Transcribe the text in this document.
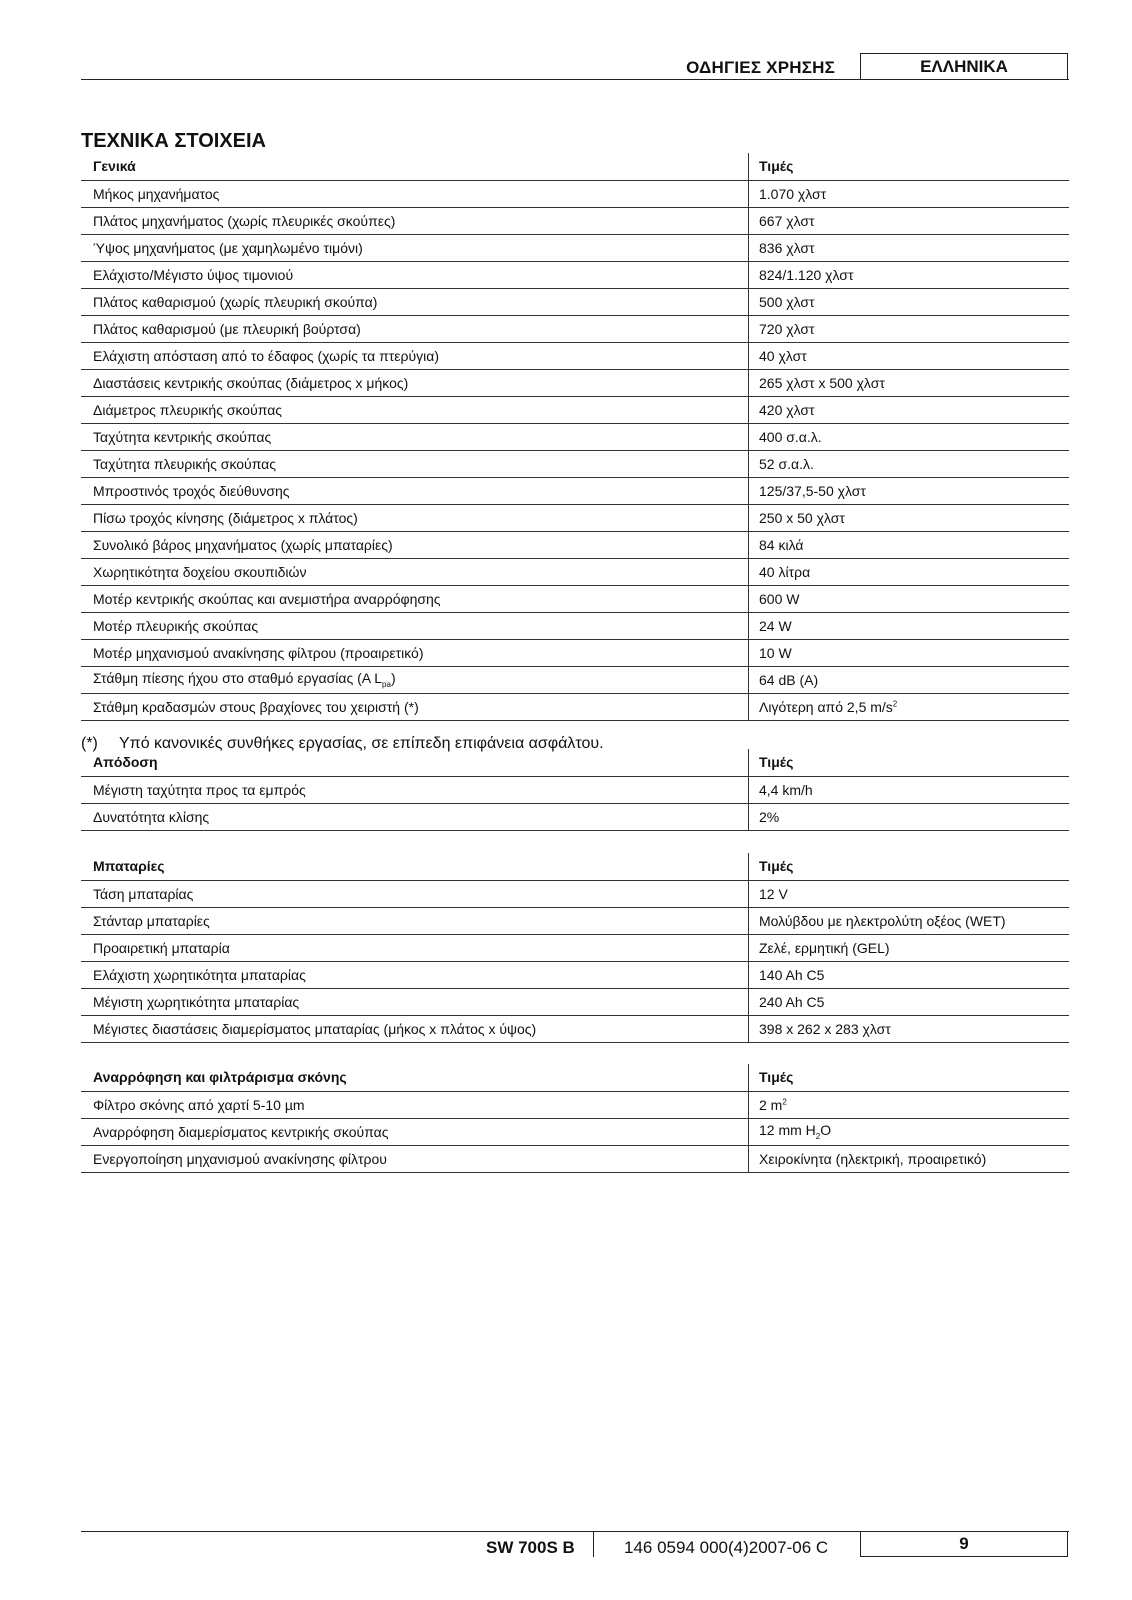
ΟΔΗΓΙΕΣ ΧΡΗΣΗΣ	ΕΛΛΗΝΙΚA
ΤΕΧΝΙΚΑ ΣΤΟΙΧΕΙΑ
Γενικά	Τιμές
Μήκος μηχανήματος	1.070 χλστ
Πλάτος μηχανήματος (χωρίς πλευρικές σκούπες)	667 χλστ
Ύψος μηχανήματος (με χαμηλωμένο τιμόνι)	836 χλστ
Ελάχιστο/Μέγιστο ύψος τιμονιού	824/1.120 χλστ
Πλάτος καθαρισμού (χωρίς πλευρική σκούπα)	500 χλστ
Πλάτος καθαρισμού (με πλευρική βούρτσα)	720 χλστ
Ελάχιστη απόσταση από το έδαφος (χωρίς τα πτερύγια)	40 χλστ
Διαστάσεις κεντρικής σκούπας (διάμετρος x μήκος)	265 χλστ x 500 χλστ
Διάμετρος πλευρικής σκούπας	420 χλστ
Ταχύτητα κεντρικής σκούπας	400 σ.α.λ.
Ταχύτητα πλευρικής σκούπας	52 σ.α.λ.
Μπροστινός τροχός διεύθυνσης	125/37,5-50 χλστ
Πίσω τροχός κίνησης (διάμετρος x πλάτος)	250 x 50 χλστ
Συνολικό βάρος μηχανήματος (χωρίς μπαταρίες)	84 κιλά
Χωρητικότητα δοχείου σκουπιδιών	40 λίτρα
Μοτέρ κεντρικής σκούπας και ανεμιστήρα αναρρόφησης	600 W
Μοτέρ πλευρικής σκούπας	24 W
Μοτέρ μηχανισμού ανακίνησης φίλτρου (προαιρετικό)	10 W
Στάθμη πίεσης ήχου στο σταθμό εργασίας (A $L_{pa}$)	64 dB (A)
Στάθμη κραδασμών στους βραχίονες του χειριστή (*)	Λιγότερη από 2,5 $m/s^2$
(*) Υπό κανονικές συνθήκες εργασίας, σε επίπεδη επιφάνεια ασφάλτου.
Απόδοση	Τιμές
Μέγιστη ταχύτητα προς τα εμπρός	4,4 km/h
Δυνατότητα κλίσης	2%
Μπαταρίες	Τιμές
Τάση μπαταρίας	12 V
Στάνταρ μπαταρίες	Μολύβδου με ηλεκτρολύτη οξέος (WET)
Προαιρετική μπαταρία	Ζελέ, ερμητική (GEL)
Ελάχιστη χωρητικότητα μπαταρίας	140 Ah C5
Μέγιστη χωρητικότητα μπαταρίας	240 Ah C5
Μέγιστες διαστάσεις διαμερίσματος μπαταρίας (μήκος x πλάτος x ύψος)	398 x 262 x 283 χλστ
Αναρρόφηση και φιλτράρισμα σκόνης	Τιμές
Φίλτρο σκόνης από χαρτί 5-10 µm	2 $m^2$
Αναρρόφηση διαμερίσματος κεντρικής σκούπας	12 mm $H_2O$
Ενεργοποίηση μηχανισμού ανακίνησης φίλτρου	Χειροκίνητα (ηλεκτρική, προαιρετικό)
SW 700S B	146 0594 000(4)2007-06 C	9
